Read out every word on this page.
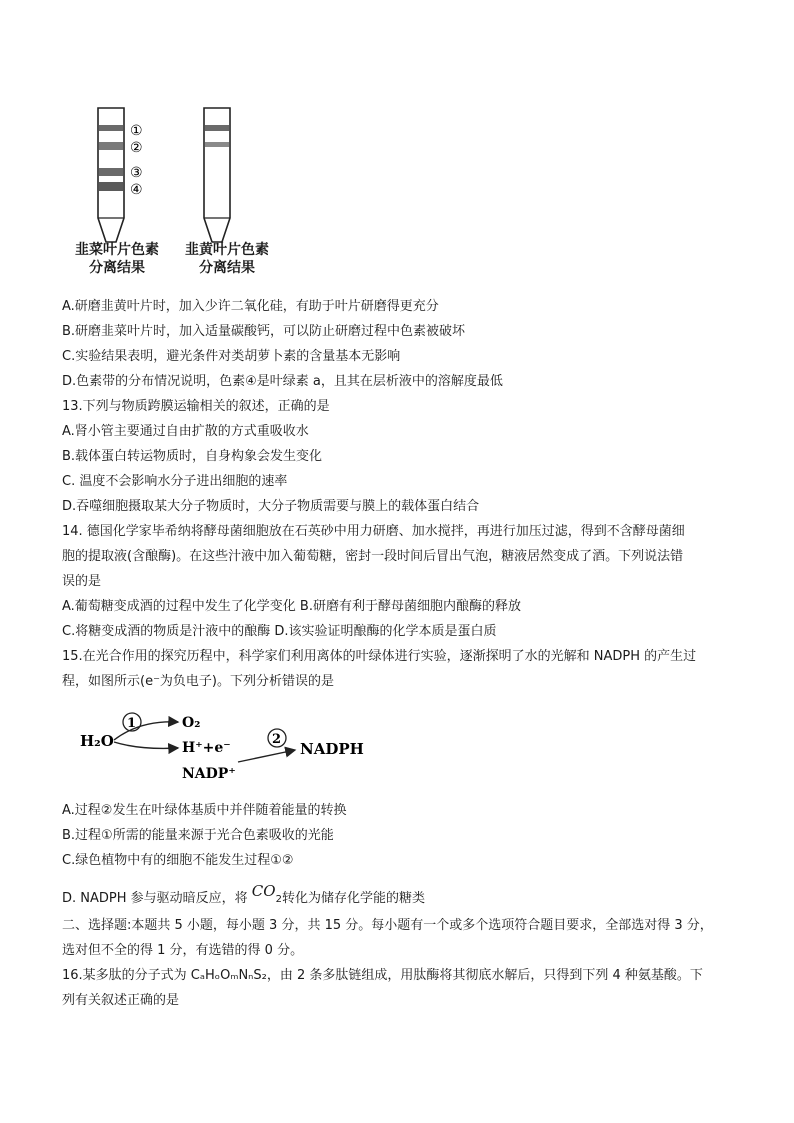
①
②
③
④
韭菜叶片色素
分离结果
韭黄叶片色素
分离结果
A.研磨韭黄叶片时，加入少许二氧化硅，有助于叶片研磨得更充分
B.研磨韭菜叶片时，加入适量碳酸钙，可以防止研磨过程中色素被破坏
C.实验结果表明，避光条件对类胡萝卜素的含量基本无影响
D.色素带的分布情况说明，色素④是叶绿素 a，且其在层析液中的溶解度最低
13.下列与物质跨膜运输相关的叙述，正确的是
A.肾小管主要通过自由扩散的方式重吸收水
B.载体蛋白转运物质时，自身构象会发生变化
C. 温度不会影响水分子进出细胞的速率
D.吞噬细胞摄取某大分子物质时，大分子物质需要与膜上的载体蛋白结合
14. 德国化学家毕希纳将酵母菌细胞放在石英砂中用力研磨、加水搅拌，再进行加压过滤，得到不含酵母菌细
胞的提取液(含酿酶)。在这些汁液中加入葡萄糖，密封一段时间后冒出气泡，糖液居然变成了酒。下列说法错
误的是
A.葡萄糖变成酒的过程中发生了化学变化 B.研磨有利于酵母菌细胞内酿酶的释放
C.将糖变成酒的物质是汁液中的酿酶 D.该实验证明酿酶的化学本质是蛋白质
15.在光合作用的探究历程中，科学家们利用离体的叶绿体进行实验，逐渐探明了水的光解和 NADPH 的产生过
程，如图所示(e⁻为负电子)。下列分析错误的是
H₂O
1	O₂
H⁺+e⁻
NADP⁺
2
NADPH
A.过程②发生在叶绿体基质中并伴随着能量的转换
B.过程①所需的能量来源于光合色素吸收的光能
C.绿色植物中有的细胞不能发生过程①②
D. NADPH 参与驱动暗反应，将 CO2转化为储存化学能的糖类
二、选择题:本题共 5 小题，每小题 3 分，共 15 分。每小题有一个或多个选项符合题目要求，全部选对得 3 分，
选对但不全的得 1 分，有选错的得 0 分。
16.某多肽的分子式为 CₐHₒOₘNₙS₂，由 2 条多肽链组成，用肽酶将其彻底水解后，只得到下列 4 种氨基酸。下
列有关叙述正确的是
